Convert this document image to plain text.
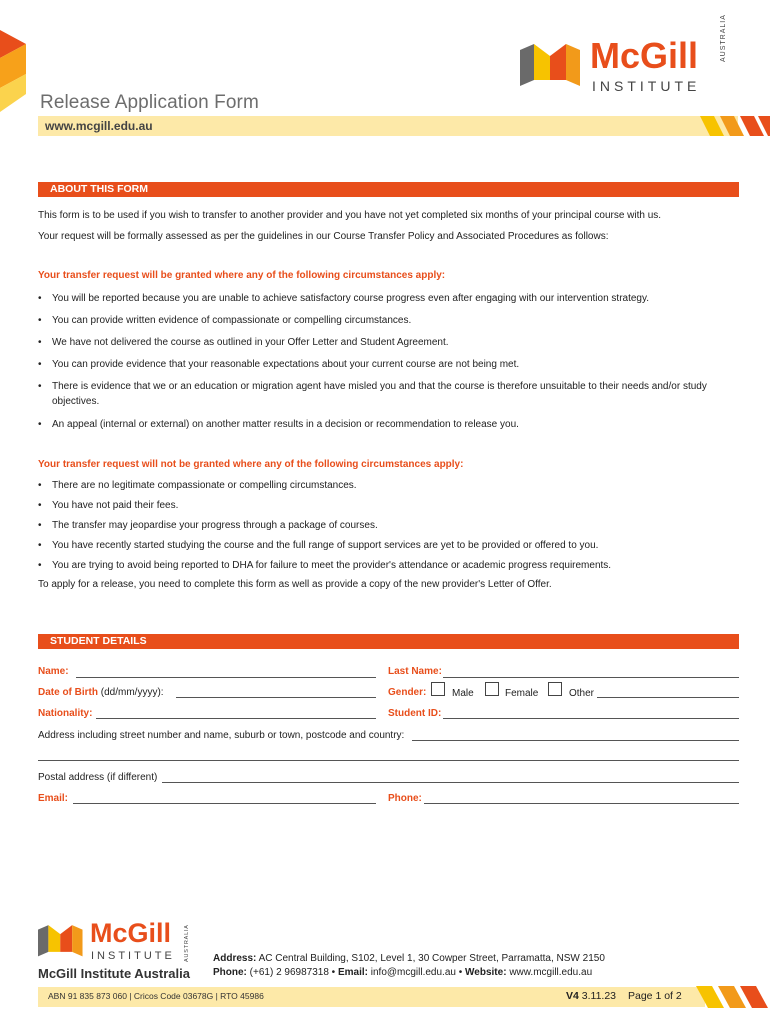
McGill
INSTITUTE
AUSTRALIA
Release Application Form
www.mcgill.edu.au
ABOUT THIS FORM
This form is to be used if you wish to transfer to another provider and you have not yet completed six months of your principal course with us.
Your request will be formally assessed as per the guidelines in our Course Transfer Policy and Associated Procedures as follows:
Your transfer request will be granted where any of the following circumstances apply:
• You will be reported because you are unable to achieve satisfactory course progress even after engaging with our intervention strategy.
• You can provide written evidence of compassionate or compelling circumstances.
• We have not delivered the course as outlined in your Offer Letter and Student Agreement.
• You can provide evidence that your reasonable expectations about your current course are not being met.
• There is evidence that we or an education or migration agent have misled you and that the course is therefore unsuitable to their needs and/or study objectives.
• An appeal (internal or external) on another matter results in a decision or recommendation to release you.
Your transfer request will not be granted where any of the following circumstances apply:
• There are no legitimate compassionate or compelling circumstances.
• You have not paid their fees.
• The transfer may jeopardise your progress through a package of courses.
• You have recently started studying the course and the full range of support services are yet to be provided or offered to you.
• You are trying to avoid being reported to DHA for failure to meet the provider's attendance or academic progress requirements.
To apply for a release, you need to complete this form as well as provide a copy of the new provider's Letter of Offer.
STUDENT DETAILS
Name:	Last Name:
Date of Birth (dd/mm/yyyy):	Gender:	Male	Female	Other
Nationality:	Student ID:
Address including street number and name, suburb or town, postcode and country:
Postal address (if different)
Email:	Phone:
McGill
INSTITUTE AUSTRALIA
McGill Institute Australia
Address: AC Central Building, S102, Level 1, 30 Cowper Street, Parramatta, NSW 2150
Phone: (+61) 2 96987318 • Email: info@mcgill.edu.au • Website: www.mcgill.edu.au
ABN 91 835 873 060 | Cricos Code 03678G | RTO 45986	V4 3.11.23 Page 1 of 2
